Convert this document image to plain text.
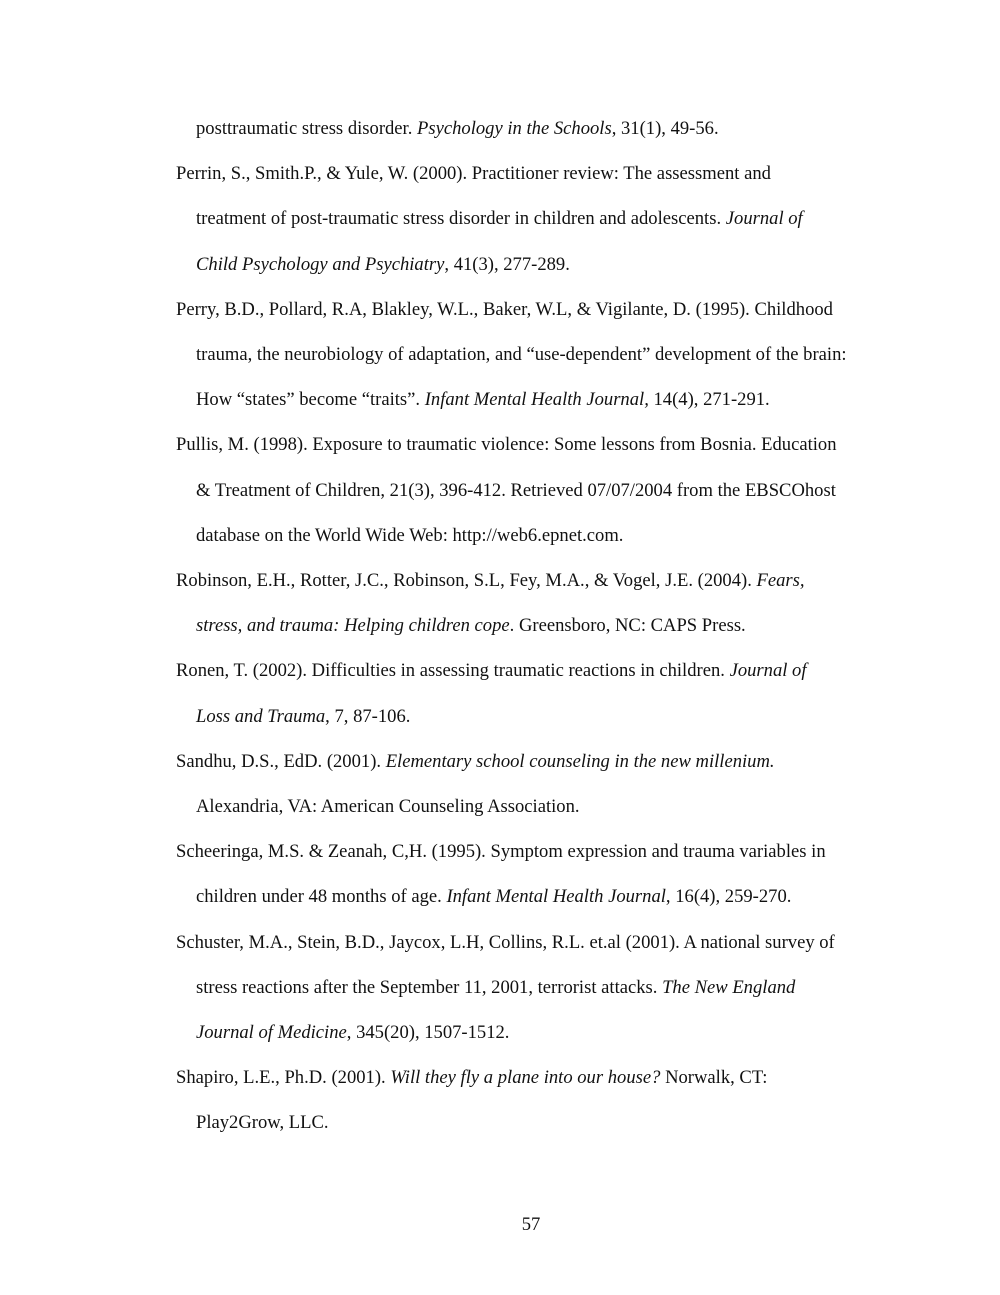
posttraumatic stress disorder. Psychology in the Schools, 31(1), 49-56.
Perrin, S., Smith.P., & Yule, W. (2000). Practitioner review: The assessment and
treatment of post-traumatic stress disorder in children and adolescents. Journal of
Child Psychology and Psychiatry, 41(3), 277-289.
Perry, B.D., Pollard, R.A, Blakley, W.L., Baker, W.L, & Vigilante, D. (1995). Childhood
trauma, the neurobiology of adaptation, and “use-dependent” development of the brain:
How “states” become “traits”. Infant Mental Health Journal, 14(4), 271-291.
Pullis, M. (1998). Exposure to traumatic violence: Some lessons from Bosnia. Education
& Treatment of Children, 21(3), 396-412. Retrieved 07/07/2004 from the EBSCOhost
database on the World Wide Web: http://web6.epnet.com.
Robinson, E.H., Rotter, J.C., Robinson, S.L, Fey, M.A., & Vogel, J.E. (2004). Fears,
stress, and trauma: Helping children cope. Greensboro, NC: CAPS Press.
Ronen, T. (2002). Difficulties in assessing traumatic reactions in children. Journal of
Loss and Trauma, 7, 87-106.
Sandhu, D.S., EdD. (2001). Elementary school counseling in the new millenium.
Alexandria, VA: American Counseling Association.
Scheeringa, M.S. & Zeanah, C,H. (1995). Symptom expression and trauma variables in
children under 48 months of age. Infant Mental Health Journal, 16(4), 259-270.
Schuster, M.A., Stein, B.D., Jaycox, L.H, Collins, R.L. et.al (2001). A national survey of
stress reactions after the September 11, 2001, terrorist attacks. The New England
Journal of Medicine, 345(20), 1507-1512.
Shapiro, L.E., Ph.D. (2001). Will they fly a plane into our house? Norwalk, CT:
Play2Grow, LLC.
57
